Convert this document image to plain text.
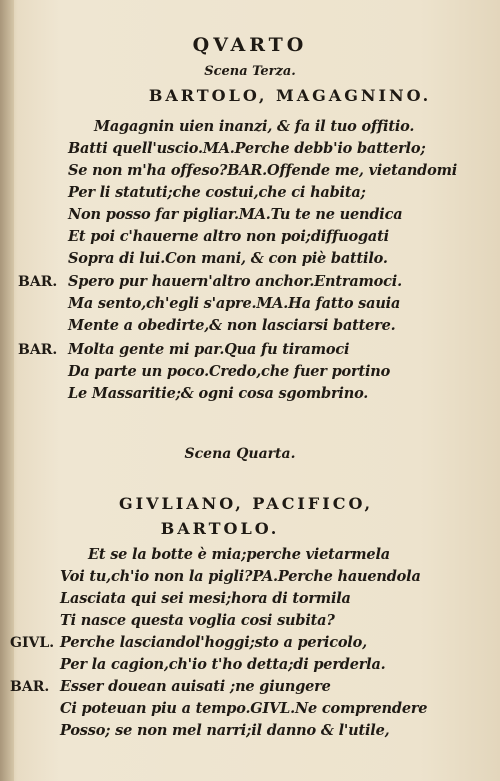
QVARTO
Scena Terza.
BARTOLO, MAGAGNINO.
Magagnin uien inanzi, & fa il tuo offitio.
Batti quell'uscio.MA.Perche debb'io batterlo;
Se non m'ha offeso?BAR.Offende me, vietandomi
Per li statuti;che costui,che ci habita;
Non posso far pigliar.MA.Tu te ne uendica
Et poi c'hauerne altro non poi;diffuogati
Sopra di lui.Con mani, & con piè battilo.
BAR. Spero pur hauern'altro anchor.Entramoci.
Ma sento,ch'egli s'apre.MA.Ha fatto sauia
Mente a obedirte,& non lasciarsi battere.
BAR. Molta gente mi par.Qua fu tiramoci
Da parte un poco.Credo,che fuer portino
Le Massaritie;& ogni cosa sgombrino.
Scena Quarta.
GIVLIANO, PACIFICO,
BARTOLO.
Et se la botte è mia;perche vietarmela
Voi tu,ch'io non la pigli?PA.Perche hauendola
Lasciata qui sei mesi;hora di tormila
Ti nasce questa voglia cosi subita?
GIVL. Perche lasciandol'hoggi;sto a pericolo,
Per la cagion,ch'io t'ho detta;di perderla.
BAR. Esser douean auisati ;ne giungere
Ci poteuan piu a tempo.GIVL.Ne comprendere
Posso; se non mel narri;il danno & l'utile,
